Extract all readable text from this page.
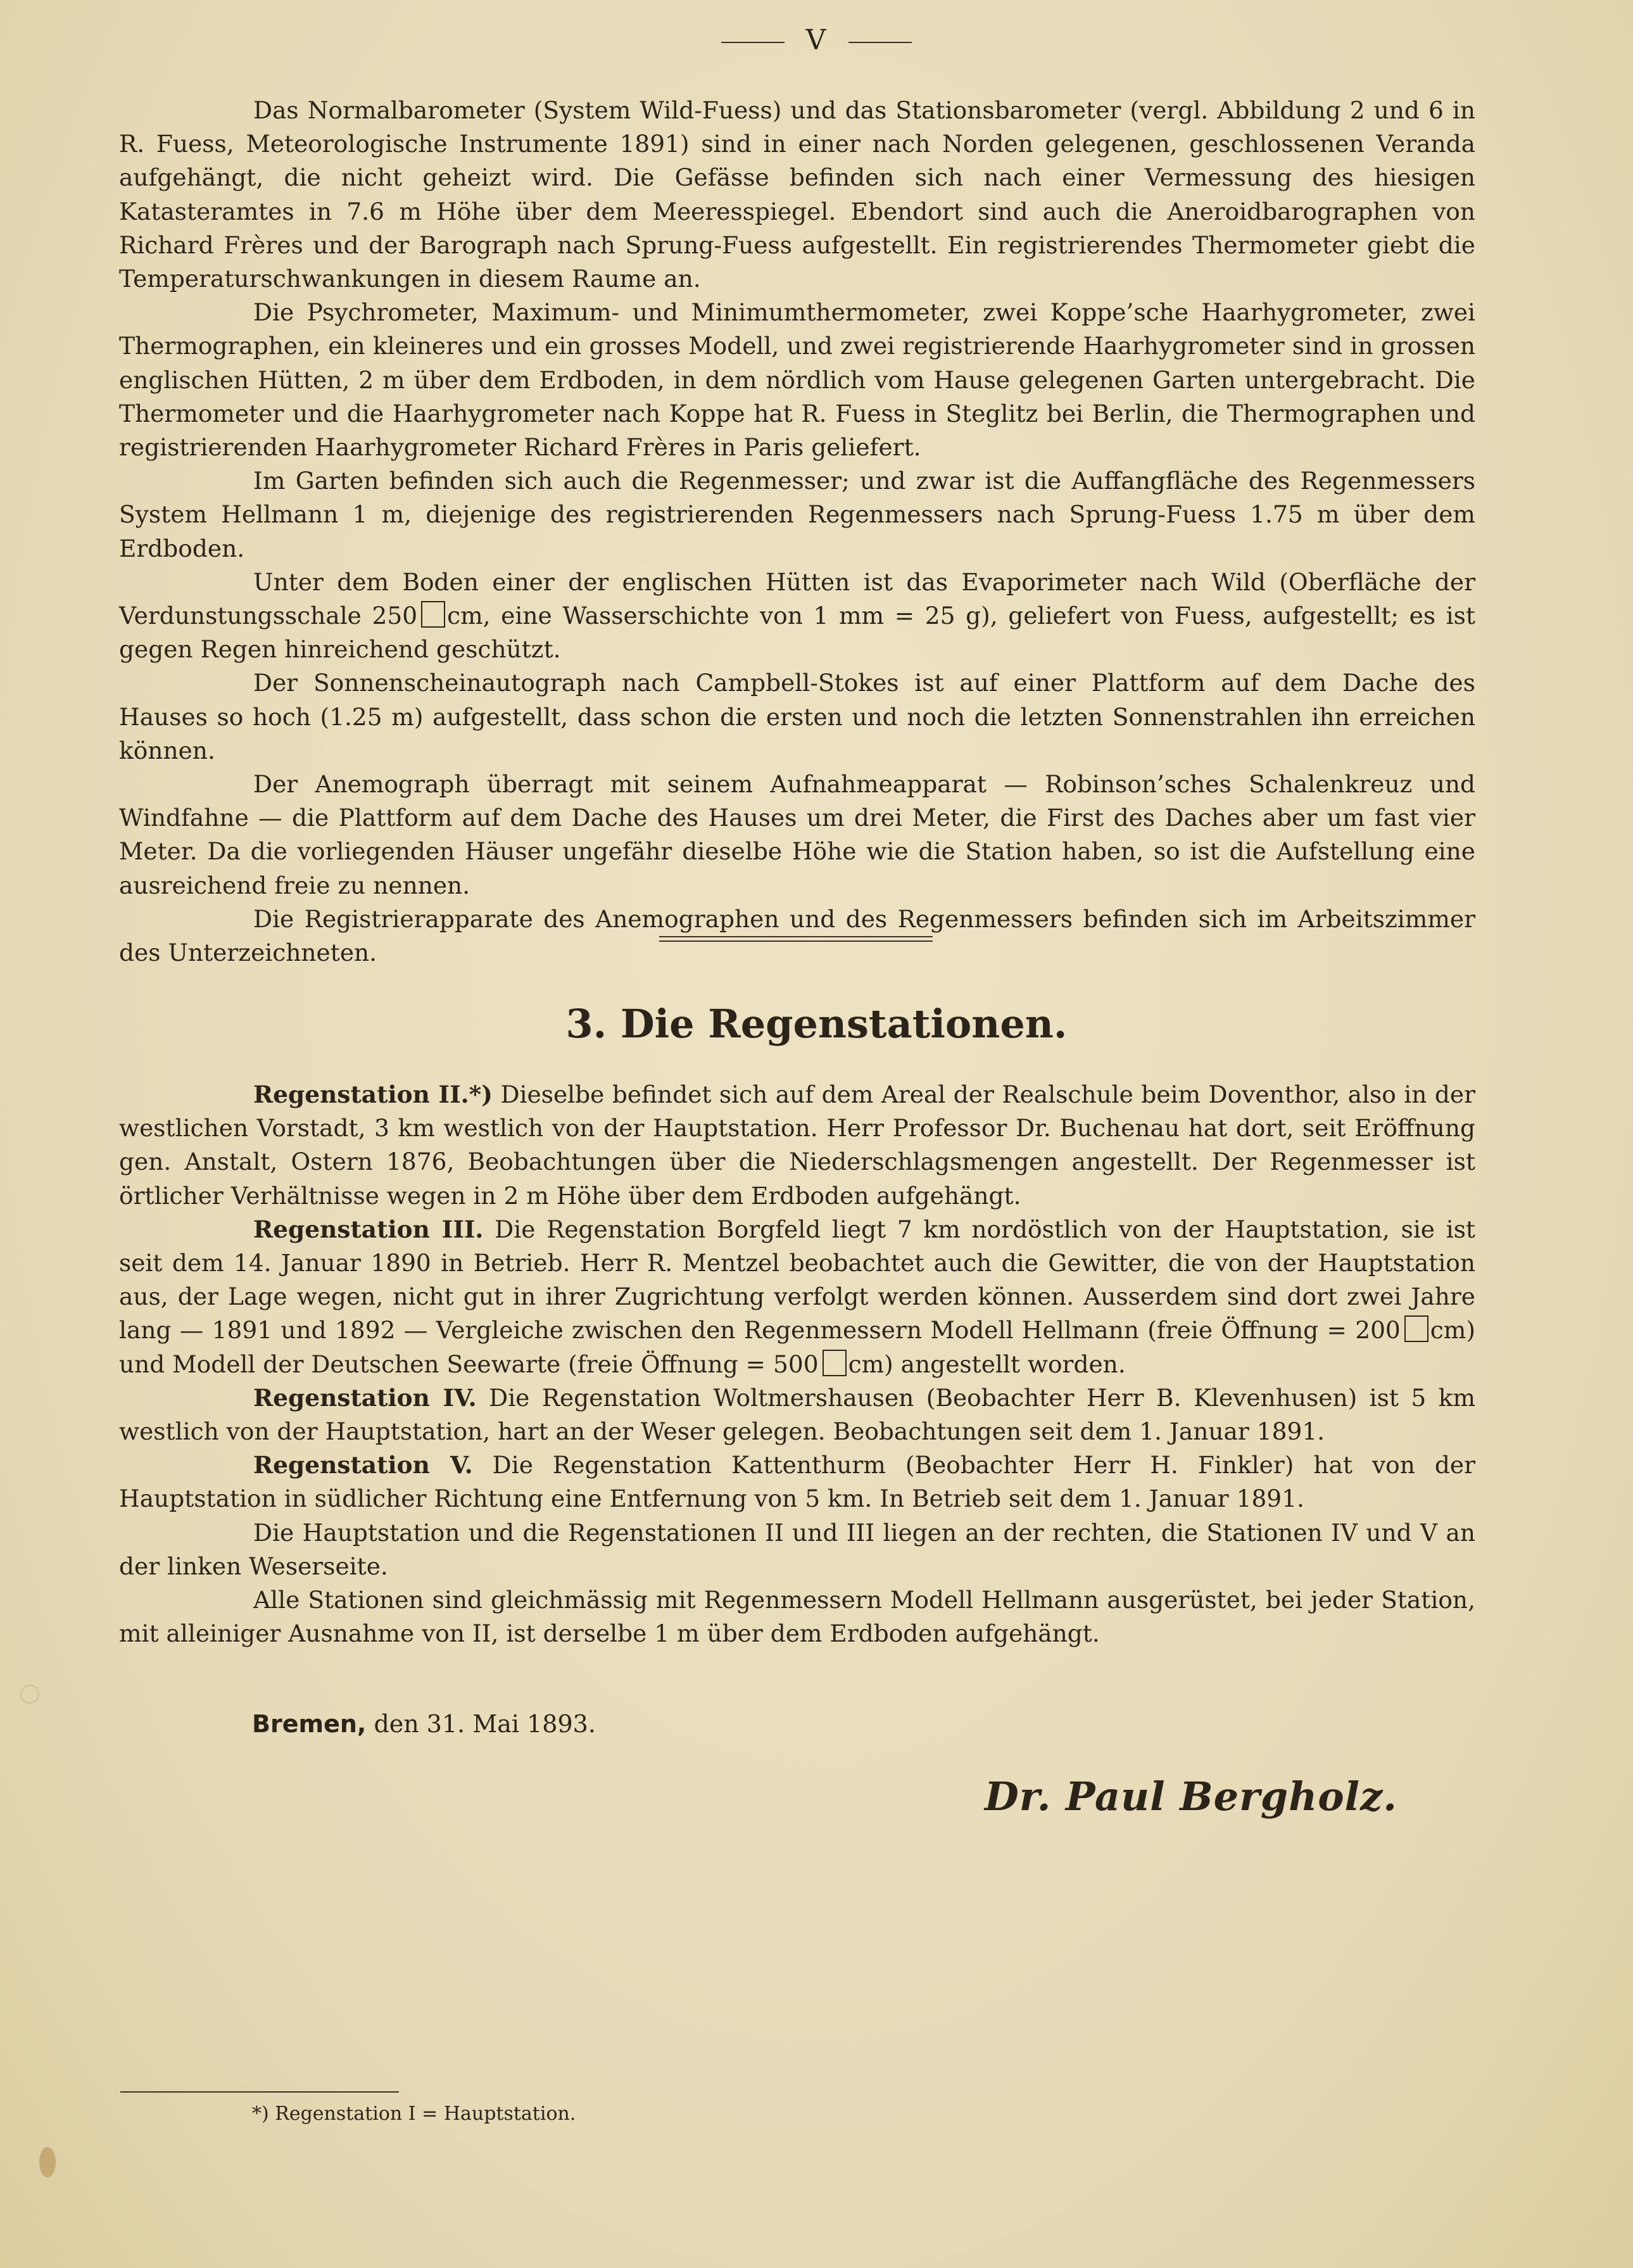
V

Das Normalbarometer (System Wild-Fuess) und das Stationsbarometer (vergl. Abbildung 2 und 6 in R. Fuess, Meteorologische Instrumente 1891) sind in einer nach Norden gelegenen, geschlossenen Veranda aufgehängt, die nicht geheizt wird. Die Gefässe befinden sich nach einer Vermessung des hiesigen Katasteramtes in 7.6 m Höhe über dem Meeresspiegel. Ebendort sind auch die Aneroidbarographen von Richard Frères und der Barograph nach Sprung-Fuess aufgestellt. Ein registrierendes Thermometer giebt die Temperaturschwankungen in diesem Raume an.

Die Psychrometer, Maximum- und Minimumthermometer, zwei Koppe’sche Haarhygrometer, zwei Thermographen, ein kleineres und ein grosses Modell, und zwei registrierende Haarhygrometer sind in grossen englischen Hütten, 2 m über dem Erdboden, in dem nördlich vom Hause gelegenen Garten untergebracht. Die Thermometer und die Haarhygrometer nach Koppe hat R. Fuess in Steglitz bei Berlin, die Thermographen und registrierenden Haarhygrometer Richard Frères in Paris geliefert.

Im Garten befinden sich auch die Regenmesser; und zwar ist die Auffangfläche des Regenmessers System Hellmann 1 m, diejenige des registrierenden Regenmessers nach Sprung-Fuess 1.75 m über dem Erdboden.

Unter dem Boden einer der englischen Hütten ist das Evaporimeter nach Wild (Oberfläche der Verdunstungsschale 250 cm, eine Wasserschichte von 1 mm = 25 g), geliefert von Fuess, aufgestellt; es ist gegen Regen hinreichend geschützt.

Der Sonnenscheinautograph nach Campbell-Stokes ist auf einer Plattform auf dem Dache des Hauses so hoch (1.25 m) aufgestellt, dass schon die ersten und noch die letzten Sonnenstrahlen ihn erreichen können.

Der Anemograph überragt mit seinem Aufnahmeapparat — Robinson’sches Schalenkreuz und Windfahne — die Plattform auf dem Dache des Hauses um drei Meter, die First des Daches aber um fast vier Meter. Da die vorliegenden Häuser ungefähr dieselbe Höhe wie die Station haben, so ist die Aufstellung eine ausreichend freie zu nennen.

Die Registrierapparate des Anemographen und des Regenmessers befinden sich im Arbeitszimmer des Unterzeichneten.

3. Die Regenstationen.

Regenstation II.*) Dieselbe befindet sich auf dem Areal der Realschule beim Doventhor, also in der westlichen Vorstadt, 3 km westlich von der Hauptstation. Herr Professor Dr. Buchenau hat dort, seit Eröffnung gen. Anstalt, Ostern 1876, Beobachtungen über die Niederschlagsmengen angestellt. Der Regenmesser ist örtlicher Verhältnisse wegen in 2 m Höhe über dem Erdboden aufgehängt.

Regenstation III. Die Regenstation Borgfeld liegt 7 km nordöstlich von der Hauptstation, sie ist seit dem 14. Januar 1890 in Betrieb. Herr R. Mentzel beobachtet auch die Gewitter, die von der Hauptstation aus, der Lage wegen, nicht gut in ihrer Zugrichtung verfolgt werden können. Ausserdem sind dort zwei Jahre lang — 1891 und 1892 — Vergleiche zwischen den Regenmessern Modell Hellmann (freie Öffnung = 200 cm) und Modell der Deutschen Seewarte (freie Öffnung = 500 cm) angestellt worden.

Regenstation IV. Die Regenstation Woltmershausen (Beobachter Herr B. Klevenhusen) ist 5 km westlich von der Hauptstation, hart an der Weser gelegen. Beobachtungen seit dem 1. Januar 1891.

Regenstation V. Die Regenstation Kattenthurm (Beobachter Herr H. Finkler) hat von der Hauptstation in südlicher Richtung eine Entfernung von 5 km. In Betrieb seit dem 1. Januar 1891.

Die Hauptstation und die Regenstationen II und III liegen an der rechten, die Stationen IV und V an der linken Weserseite.

Alle Stationen sind gleichmässig mit Regenmessern Modell Hellmann ausgerüstet, bei jeder Station, mit alleiniger Ausnahme von II, ist derselbe 1 m über dem Erdboden aufgehängt.

Bremen, den 31. Mai 1893.
Dr. Paul Bergholz.
*) Regenstation I = Hauptstation.
